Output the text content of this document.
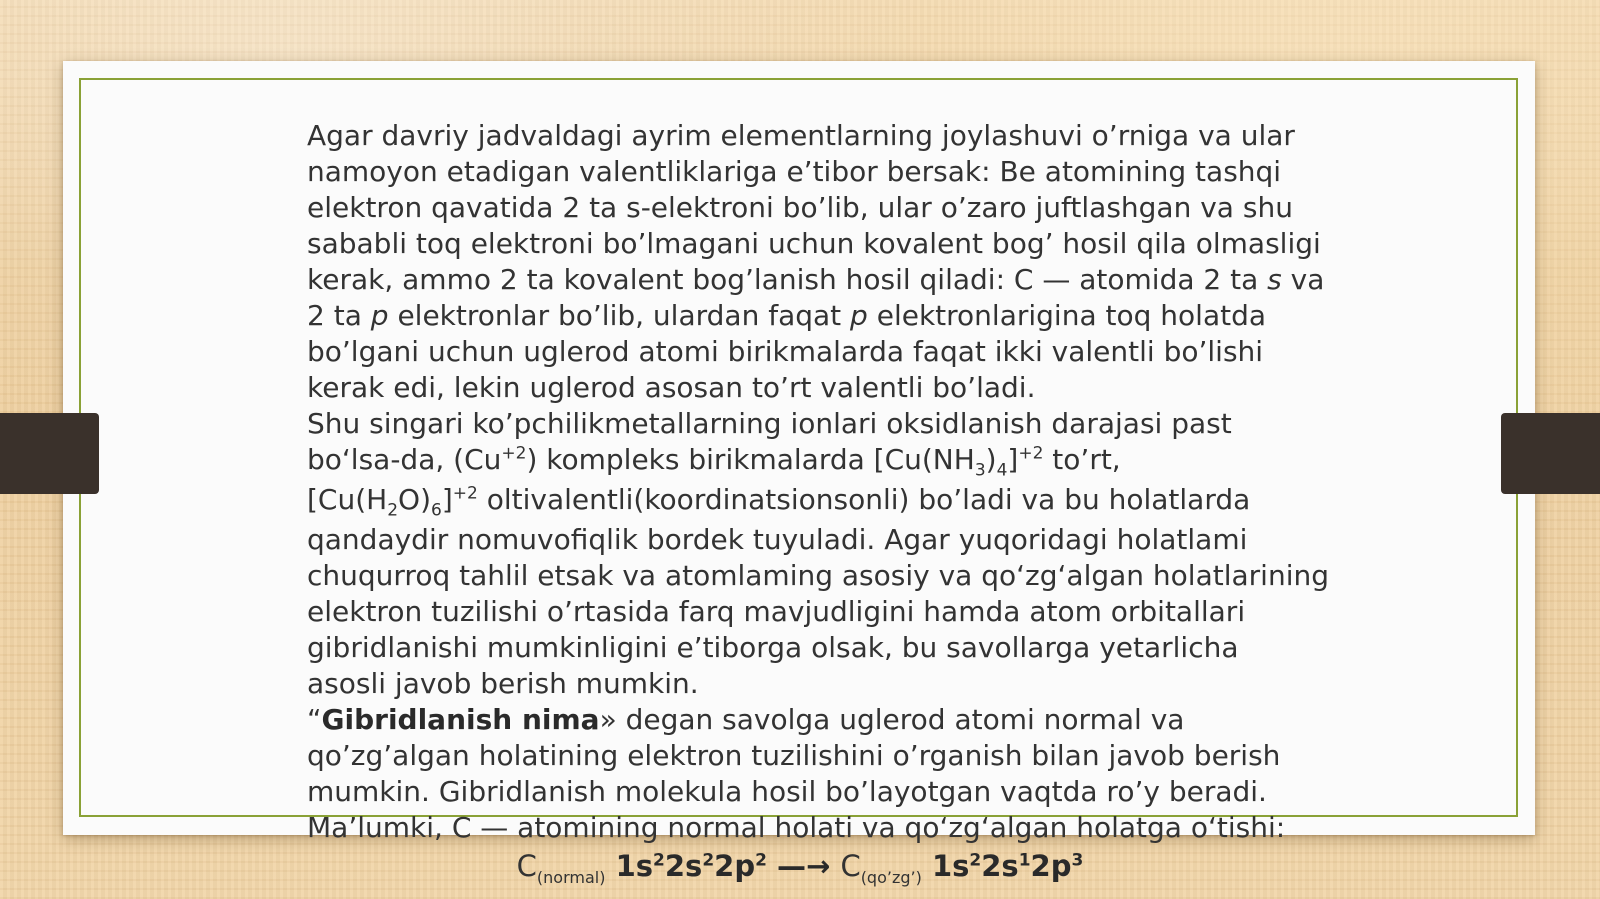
Agar davriy jadvaldagi ayrim elementlarning joylashuvi o’rniga va ular
namoyon etadigan valentliklariga e’tibor bersak: Be atomining tashqi
elektron qavatida 2 ta s-elektroni bo’lib, ular o’zaro juftlashgan va shu
sababli toq elektroni bo’lmagani uchun kovalent bog’ hosil qila olmasligi
kerak, ammo 2 ta kovalent bog’lanish hosil qiladi: C — atomida 2 ta s va
2 ta p elektronlar bo’lib, ulardan faqat p elektronlarigina toq holatda
bo’lgani uchun uglerod atomi birikmalarda faqat ikki valentli bo’lishi
kerak edi, lekin uglerod asosan to’rt valentli bo’ladi.
Shu singari ko’pchilikmetallarning ionlari oksidlanish darajasi past
bo‘lsa-da, $(Cu^{+2})$ kompleks birikmalarda $[Cu(NH_3)_4]^{+2}$ to’rt,
$[Cu(H_2O)_6]^{+2}$ oltivalentli(koordinatsionsonli) bo’ladi va bu holatlarda
qandaydir nomuvofiqlik bordek tuyuladi. Agar yuqoridagi holatlami
chuqurroq tahlil etsak va atomlaming asosiy va qo‘zg‘algan holatlarining
elektron tuzilishi o’rtasida farq mavjudligini hamda atom orbitallari
gibridlanishi mumkinligini e’tiborga olsak, bu savollarga yetarlicha
asosli javob berish mumkin.
“Gibridlanish nima» degan savolga uglerod atomi normal va
qo’zg’algan holatining elektron tuzilishini o’rganish bilan javob berish
mumkin. Gibridlanish molekula hosil bo’layotgan vaqtda ro’y beradi.
Ma’lumki, C — atomining normal holati va qo‘zg‘algan holatga o‘tishi:
$C_{(normal)}$ $1s^22s^22p^2$ —→ $C_{(qo’zg’)}$ $1s^22s^12p^3$
